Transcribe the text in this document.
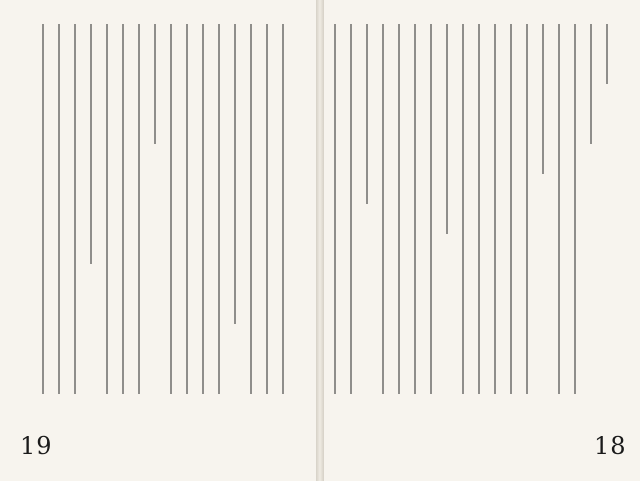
19	18
